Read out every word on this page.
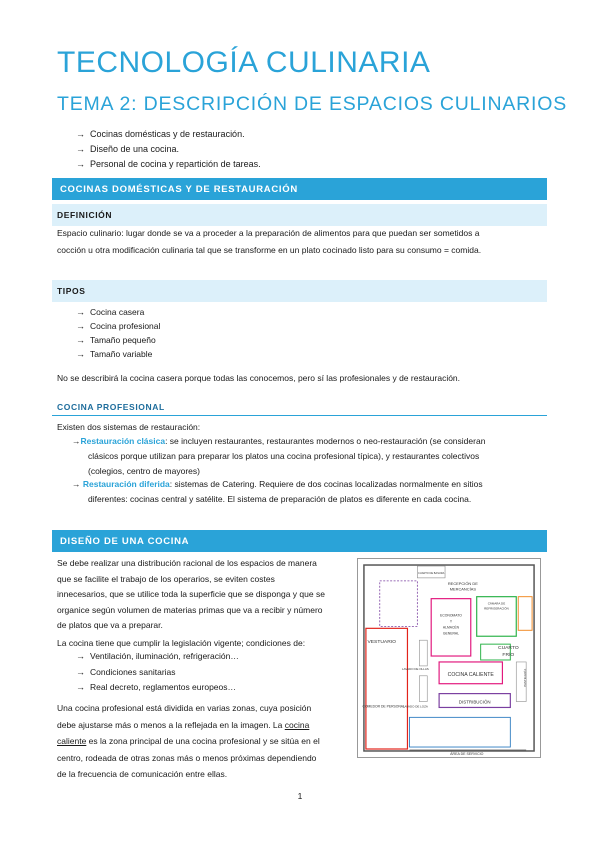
TECNOLOGÍA CULINARIA
TEMA 2: DESCRIPCIÓN DE ESPACIOS CULINARIOS
→ Cocinas domésticas y de restauración.
→ Diseño de una cocina.
→ Personal de cocina y repartición de tareas.
COCINAS DOMÉSTICAS Y DE RESTAURACIÓN
DEFINICIÓN
Espacio culinario: lugar donde se va a proceder a la preparación de alimentos para que puedan ser sometidos a
cocción u otra modificación culinaria tal que se transforme en un plato cocinado listo para su consumo = comida.
TIPOS
→ Cocina casera
→ Cocina profesional
→ Tamaño pequeño
→ Tamaño variable
No se describirá la cocina casera porque todas las conocemos, pero sí las profesionales y de restauración.
COCINA PROFESIONAL
Existen dos sistemas de restauración:
→Restauración clásica: se incluyen restaurantes, restaurantes modernos o neo-restauración (se consideran
clásicos porque utilizan para preparar los platos una cocina profesional típica), y restaurantes colectivos
(colegios, centro de mayores)
→ Restauración diferida: sistemas de Catering. Requiere de dos cocinas localizadas normalmente en sitios
diferentes: cocinas central y satélite. El sistema de preparación de platos es diferente en cada cocina.
DISEÑO DE UNA COCINA
Se debe realizar una distribución racional de los espacios de manera
que se facilite el trabajo de los operarios, se eviten costes
innecesarios, que se utilice toda la superficie que se disponga y que se
organice según volumen de materias primas que va a recibir y número
de platos que va a preparar.
La cocina tiene que cumplir la legislación vigente; condiciones de:
→ Ventilación, iluminación, refrigeración…
→ Condiciones sanitarias
→ Real decreto, reglamentos europeos…
Una cocina profesional está dividida en varias zonas, cuya posición
debe ajustarse más o menos a la reflejada en la imagen. La cocina
caliente es la zona principal de una cocina profesional y se sitúa en el
centro, rodeada de otras zonas más o menos próximas dependiendo
de la frecuencia de comunicación entre ellas.
CUARTO DE BASURA
RECEPCIÓN DE
MERCANCÍAS
ECONOMATO
Y
ALMACÉN
GENERAL
CÁMARA DE
REFRIGERACIÓN
VESTUARIO
COMEDOR DE PERSONAL
LAVADO DE OLLAS
LAVADO DE LOZA
COCINA CALIENTE
CUARTO
FRÍO
PASTELERÍA
DISTRIBUCIÓN
ÁREA DE SERVICIO
1
